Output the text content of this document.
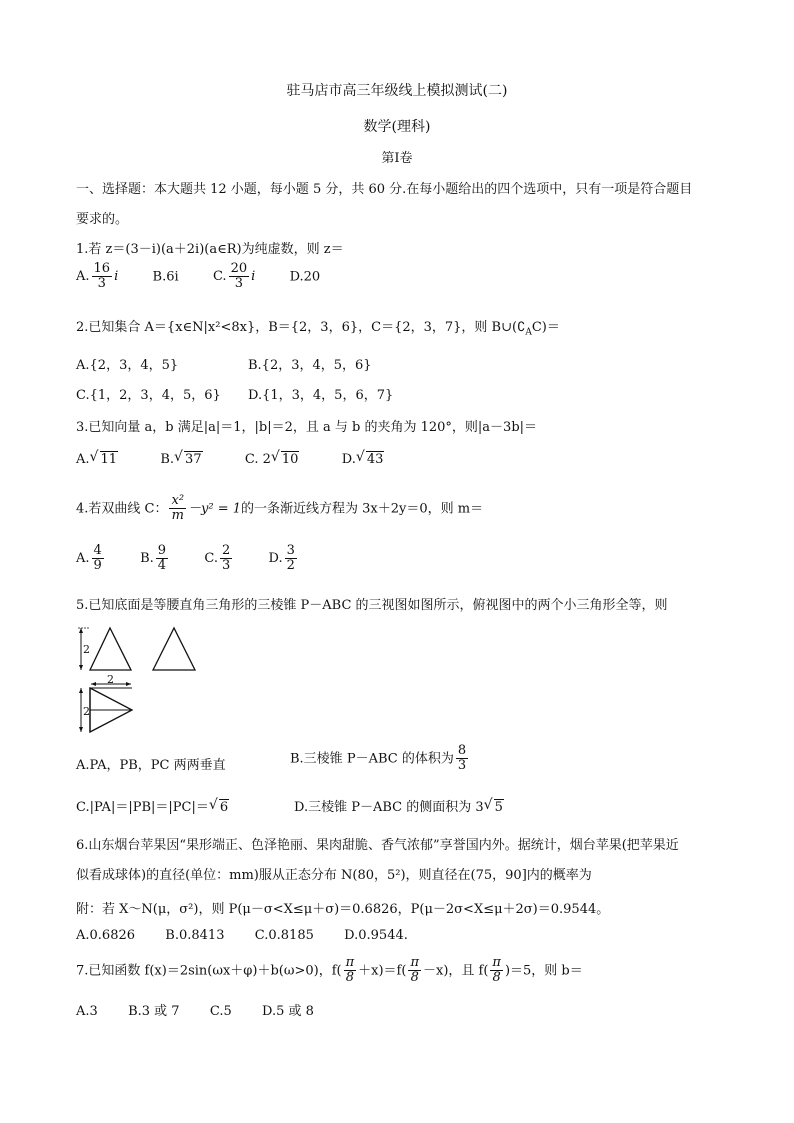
驻马店市高三年级线上模拟测试(二)
数学(理科)
第Ⅰ卷
一、选择题：本大题共 12 小题，每小题 5 分，共 60 分.在每小题给出的四个选项中，只有一项是符合题目
要求的。
1.若 z＝(3－i)(a＋2i)(a∈R)为纯虚数，则 z＝
A. $\frac{16}{3}$ i	B.6i	C. $\frac{20}{3}$ i	D.20
2.已知集合 A＝{x∈N|x²<8x}，B＝{2，3，6}，C＝{2，3，7}，则 $B\cup(∁_AC)=$
A.{2，3，4，5}	B.{2，3，4，5，6}
C.{1，2，3，4，5，6} D.{1，3，4，5，6，7}
3.已知向量 a，b 满足|a|＝1，|b|＝2，且 a 与 b 的夹角为 120°，则|a－3b|＝
A. √ 11	B. √ 37	C. 2 √ 10	D. √ 43
4.若双曲线 C： $\frac{\text{x²}}{m} -y^2 = 1$的一条渐近线方程为 3x＋2y＝0，则 m＝
A. $\frac{4}{9}$	B. $\frac{9}{4}$	C. $\frac{2}{3}$	D. $\frac{3}{2}$
5.已知底面是等腰直角三角形的三棱锥 P－ABC 的三视图如图所示，俯视图中的两个小三角形全等，则
2
2
2
A.PA，PB，PC 两两垂直	B.三棱锥 P－ABC 的体积为 $\frac{8}{3}$
C.|PA|＝|PB|＝|PC|＝ √ 6	D.三棱锥 P－ABC 的侧面积为 3 √ 5
6.山东烟台苹果因“果形端正、色泽艳丽、果肉甜脆、香气浓郁”享誉国内外。据统计，烟台苹果(把苹果近
似看成球体)的直径(单位：mm)服从正态分布 N(80，5²)，则直径在(75，90]内的概率为
附：若 X～N(μ，σ²)，则 P(μ－σ<X≤μ＋σ)＝0.6826，P(μ－2σ<X≤μ＋2σ)＝0.9544。
A.0.6826 B.0.8413 C.0.8185 D.0.9544.
7.已知函数 f(x)＝2sin(ωx＋φ)＋b(ω>0)，$f( \frac{\pi}{8} +x)=f( \frac{\pi}{8} -x)$，且 $f( \frac{\pi}{8} )=5$，则 b＝
A.3 B.3 或 7 C.5 D.5 或 8
